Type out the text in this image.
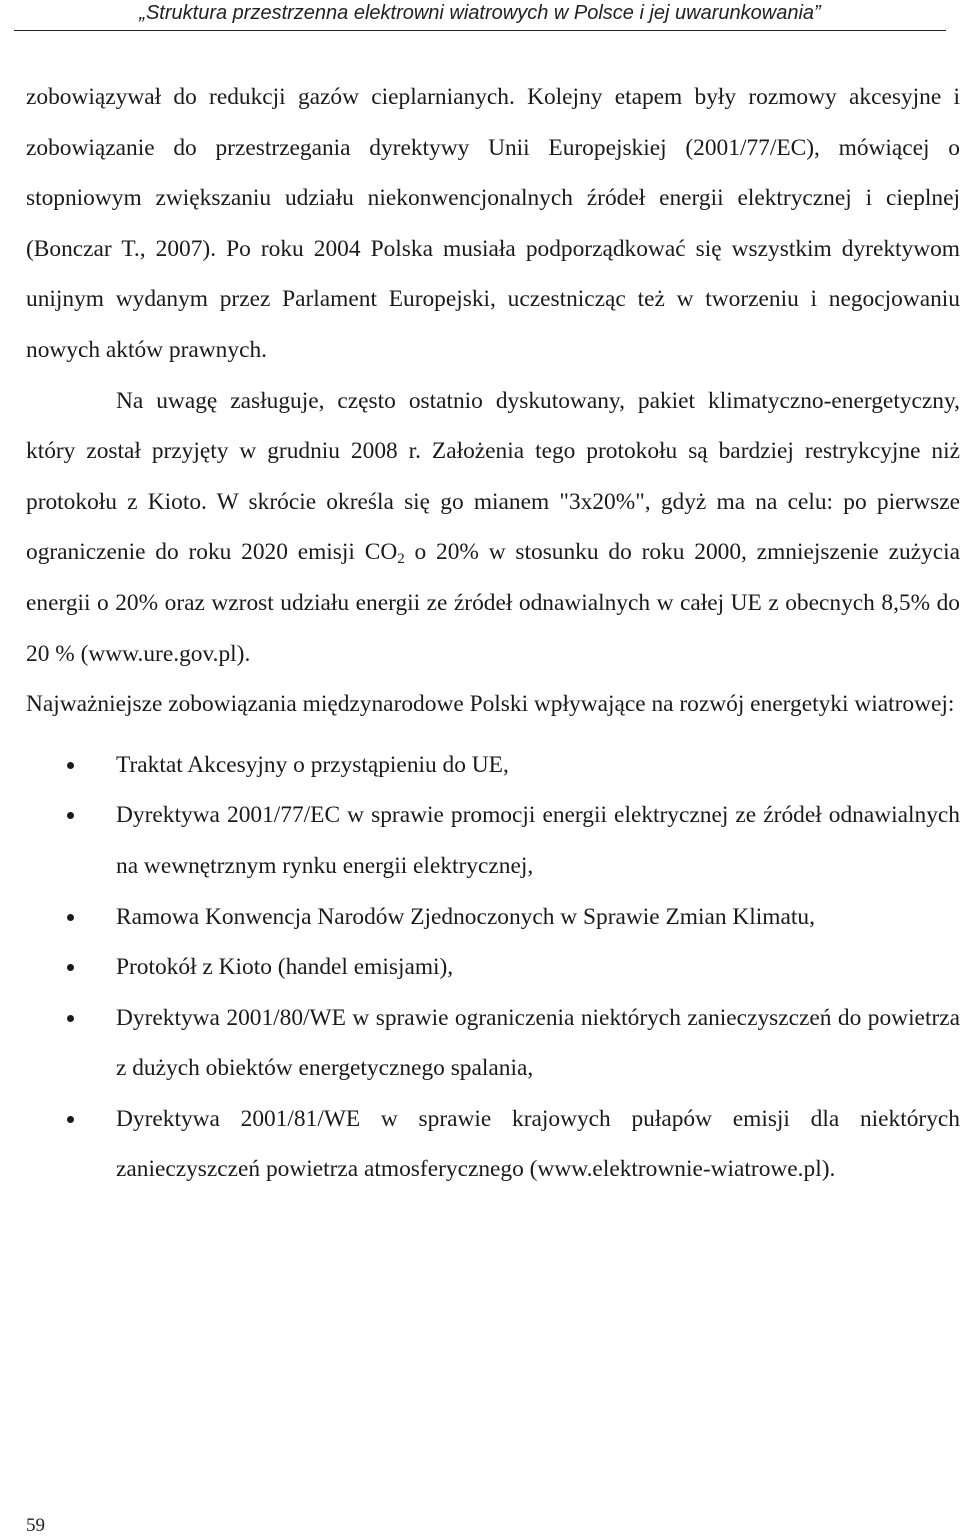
„Struktura przestrzenna elektrowni wiatrowych w Polsce i jej uwarunkowania”

zobowiązywał do redukcji gazów cieplarnianych. Kolejny etapem były rozmowy akcesyjne i zobowiązanie do przestrzegania dyrektywy Unii Europejskiej (2001/77/EC), mówiącej o stopniowym zwiększaniu udziału niekonwencjonalnych źródeł energii elektrycznej i cieplnej (Bonczar T., 2007). Po roku 2004 Polska musiała podporządkować się wszystkim dyrektywom unijnym wydanym przez Parlament Europejski, uczestnicząc też w tworzeniu i negocjowaniu nowych aktów prawnych.

Na uwagę zasługuje, często ostatnio dyskutowany, pakiet klimatyczno-energetyczny, który został przyjęty w grudniu 2008 r. Założenia tego protokołu są bardziej restrykcyjne niż protokołu z Kioto. W skrócie określa się go mianem "3x20%", gdyż ma na celu: po pierwsze ograniczenie do roku 2020 emisji $CO_2$ o 20% w stosunku do roku 2000, zmniejszenie zużycia energii o 20% oraz wzrost udziału energii ze źródeł odnawialnych w całej UE z obecnych 8,5% do 20 % (www.ure.gov.pl).

Najważniejsze zobowiązania międzynarodowe Polski wpływające na rozwój energetyki wiatrowej:

Traktat Akcesyjny o przystąpieniu do UE,
Dyrektywa 2001/77/EC w sprawie promocji energii elektrycznej ze źródeł odnawialnych na wewnętrznym rynku energii elektrycznej,
Ramowa Konwencja Narodów Zjednoczonych w Sprawie Zmian Klimatu,
Protokół z Kioto (handel emisjami),
Dyrektywa 2001/80/WE w sprawie ograniczenia niektórych zanieczyszczeń do powietrza z dużych obiektów energetycznego spalania,
Dyrektywa 2001/81/WE w sprawie krajowych pułapów emisji dla niektórych zanieczyszczeń powietrza atmosferycznego (www.elektrownie-wiatrowe.pl).
59
